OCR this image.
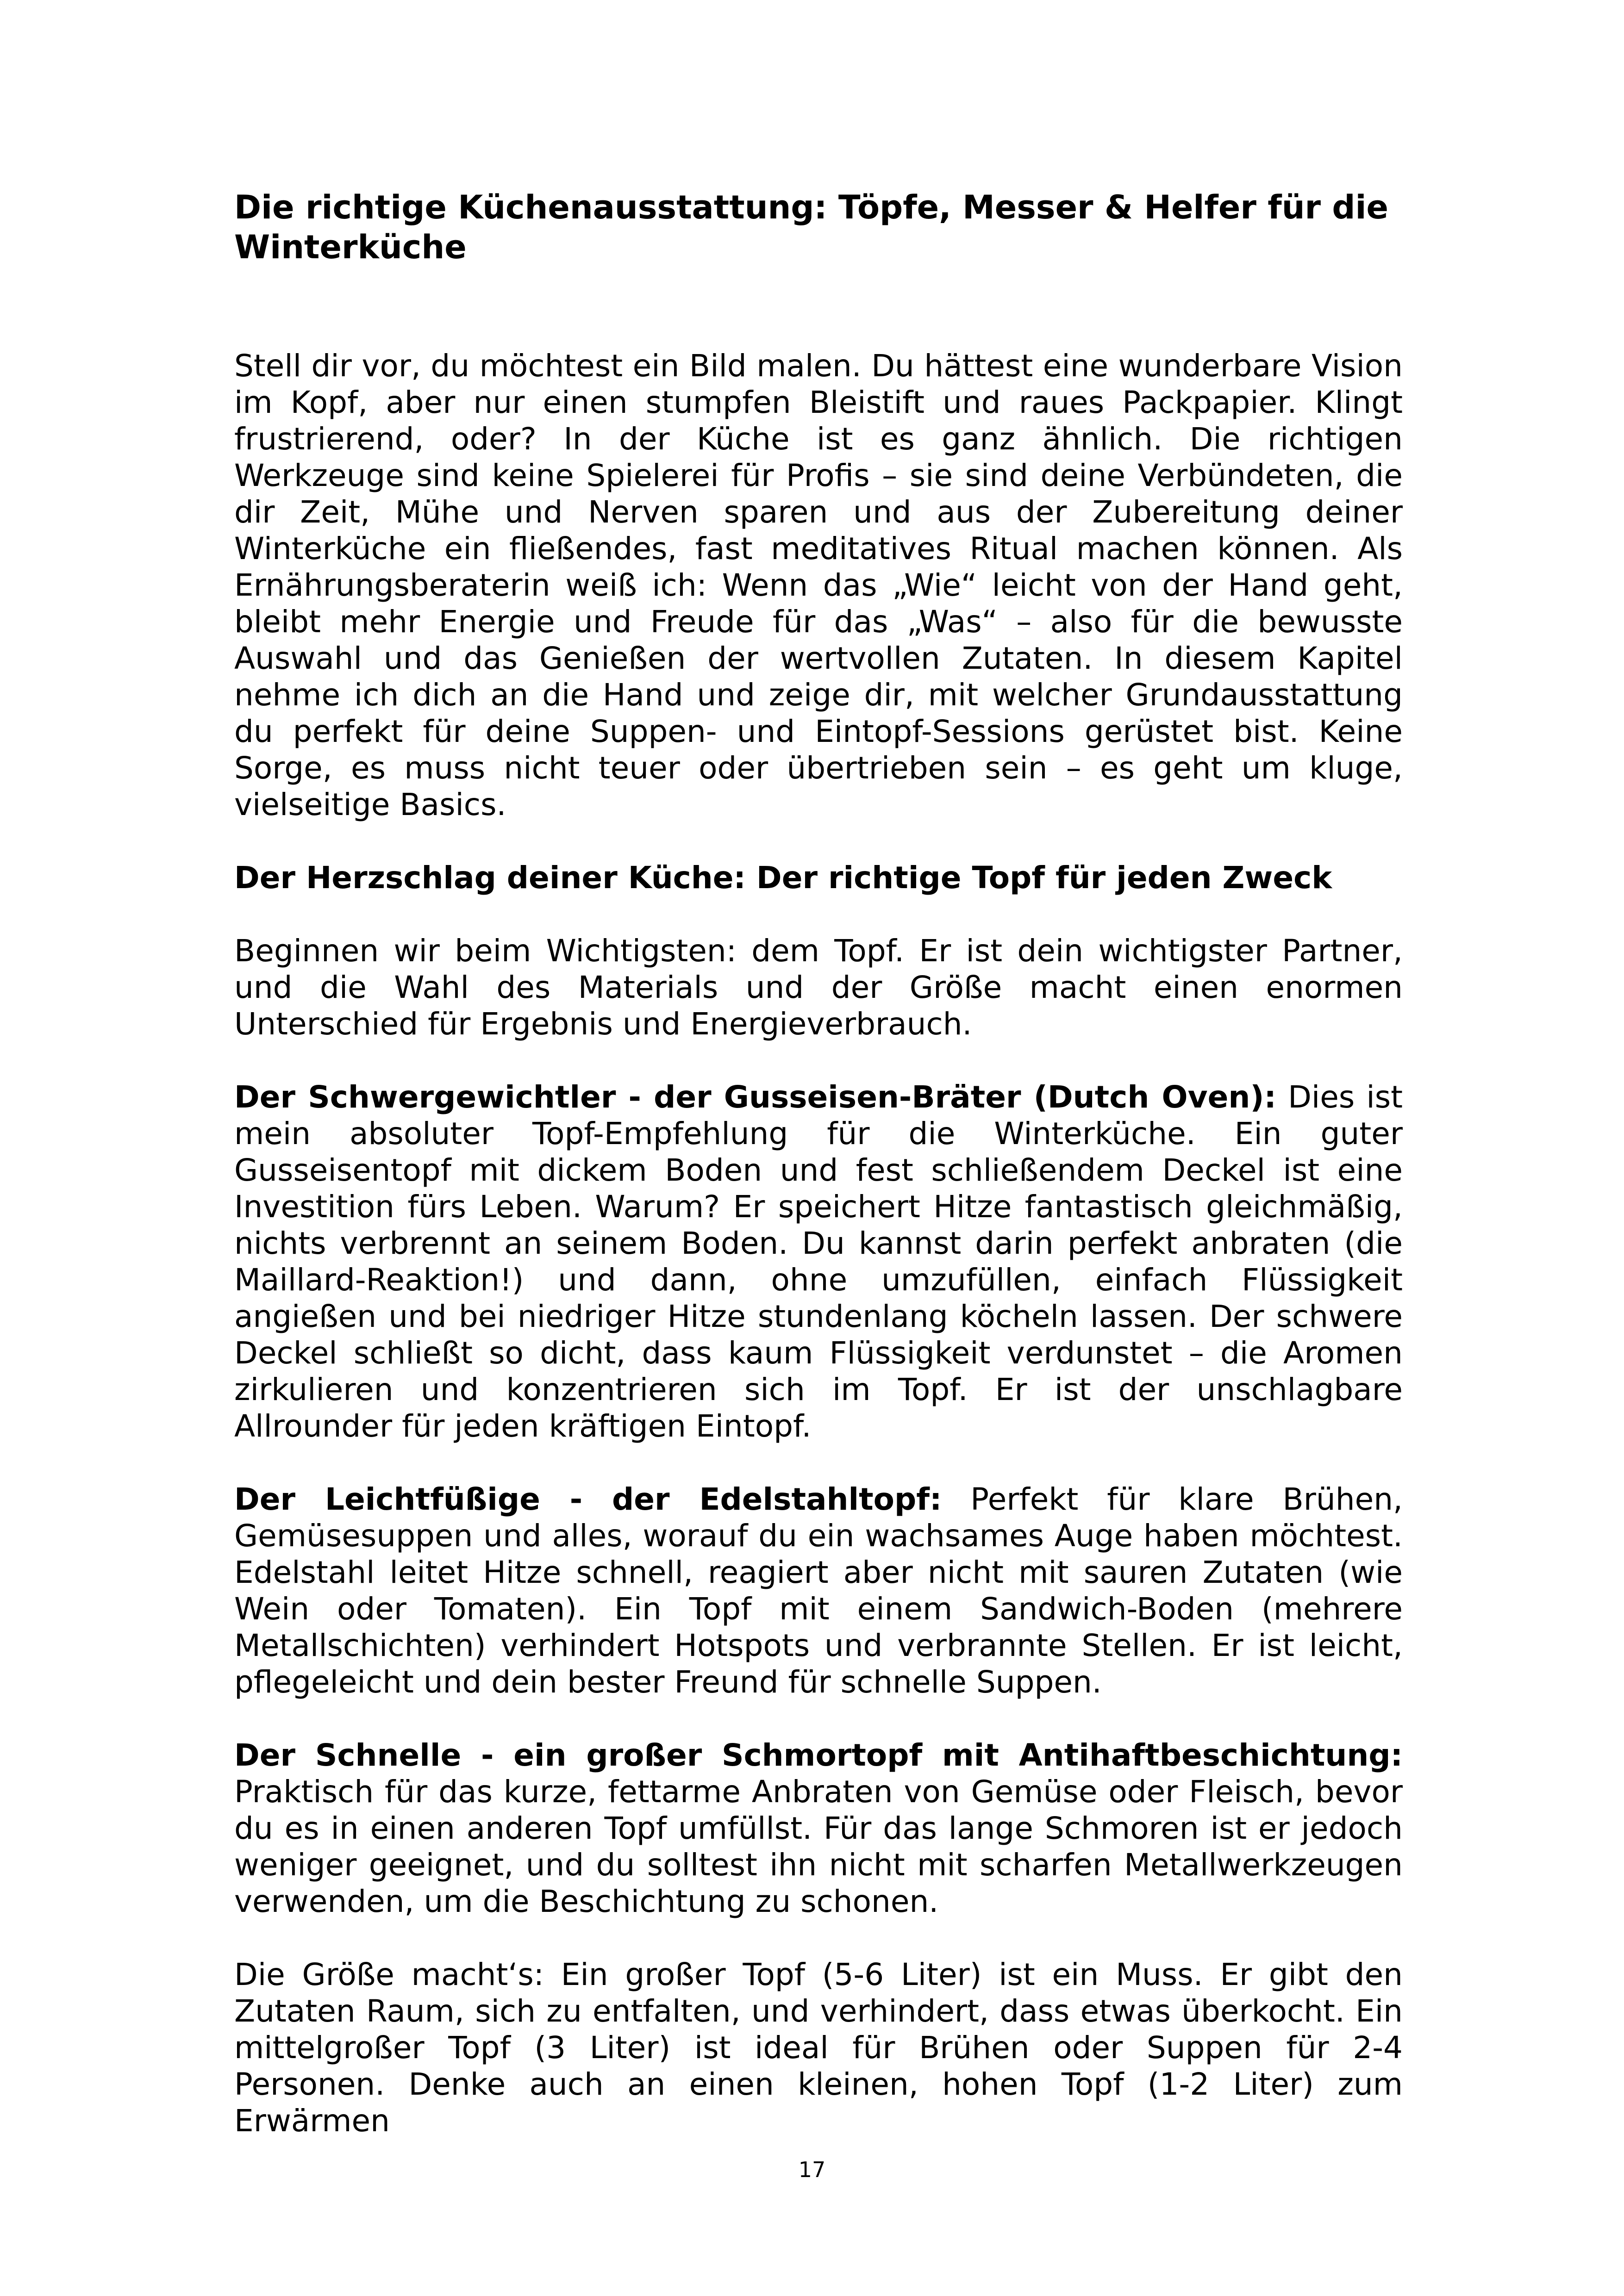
Die richtige Küchenausstattung: Töpfe, Messer & Helfer für die Winterküche

Stell dir vor, du möchtest ein Bild malen. Du hättest eine wunderbare Vision im Kopf, aber nur einen stumpfen Bleistift und raues Packpapier. Klingt frustrierend, oder? In der Küche ist es ganz ähnlich. Die richtigen Werkzeuge sind keine Spielerei für Profis – sie sind deine Verbündeten, die dir Zeit, Mühe und Nerven sparen und aus der Zubereitung deiner Winterküche ein fließendes, fast meditatives Ritual machen können. Als Ernährungsberaterin weiß ich: Wenn das „Wie“ leicht von der Hand geht, bleibt mehr Energie und Freude für das „Was“ – also für die bewusste Auswahl und das Genießen der wertvollen Zutaten. In diesem Kapitel nehme ich dich an die Hand und zeige dir, mit welcher Grundausstattung du perfekt für deine Suppen- und Eintopf-Sessions gerüstet bist. Keine Sorge, es muss nicht teuer oder übertrieben sein – es geht um kluge, vielseitige Basics.

Der Herzschlag deiner Küche: Der richtige Topf für jeden Zweck

Beginnen wir beim Wichtigsten: dem Topf. Er ist dein wichtigster Partner, und die Wahl des Materials und der Größe macht einen enormen Unterschied für Ergebnis und Energieverbrauch.

Der Schwergewichtler - der Gusseisen-Bräter (Dutch Oven): Dies ist mein absoluter Topf-Empfehlung für die Winterküche. Ein guter Gusseisentopf mit dickem Boden und fest schließendem Deckel ist eine Investition fürs Leben. Warum? Er speichert Hitze fantastisch gleichmäßig, nichts verbrennt an seinem Boden. Du kannst darin perfekt anbraten (die Maillard-Reaktion!) und dann, ohne umzufüllen, einfach Flüssigkeit angießen und bei niedriger Hitze stundenlang köcheln lassen. Der schwere Deckel schließt so dicht, dass kaum Flüssigkeit verdunstet – die Aromen zirkulieren und konzentrieren sich im Topf. Er ist der unschlagbare Allrounder für jeden kräftigen Eintopf.

Der Leichtfüßige - der Edelstahltopf: Perfekt für klare Brühen, Gemüsesuppen und alles, worauf du ein wachsames Auge haben möchtest. Edelstahl leitet Hitze schnell, reagiert aber nicht mit sauren Zutaten (wie Wein oder Tomaten). Ein Topf mit einem Sandwich-Boden (mehrere Metallschichten) verhindert Hotspots und verbrannte Stellen. Er ist leicht, pflegeleicht und dein bester Freund für schnelle Suppen.

Der Schnelle - ein großer Schmortopf mit Antihaftbeschichtung: Praktisch für das kurze, fettarme Anbraten von Gemüse oder Fleisch, bevor du es in einen anderen Topf umfüllst. Für das lange Schmoren ist er jedoch weniger geeignet, und du solltest ihn nicht mit scharfen Metallwerkzeugen verwenden, um die Beschichtung zu schonen.

Die Größe macht‘s: Ein großer Topf (5-6 Liter) ist ein Muss. Er gibt den Zutaten Raum, sich zu entfalten, und verhindert, dass etwas überkocht. Ein mittelgroßer Topf (3 Liter) ist ideal für Brühen oder Suppen für 2-4 Personen. Denke auch an einen kleinen, hohen Topf (1-2 Liter) zum Erwärmen

17
